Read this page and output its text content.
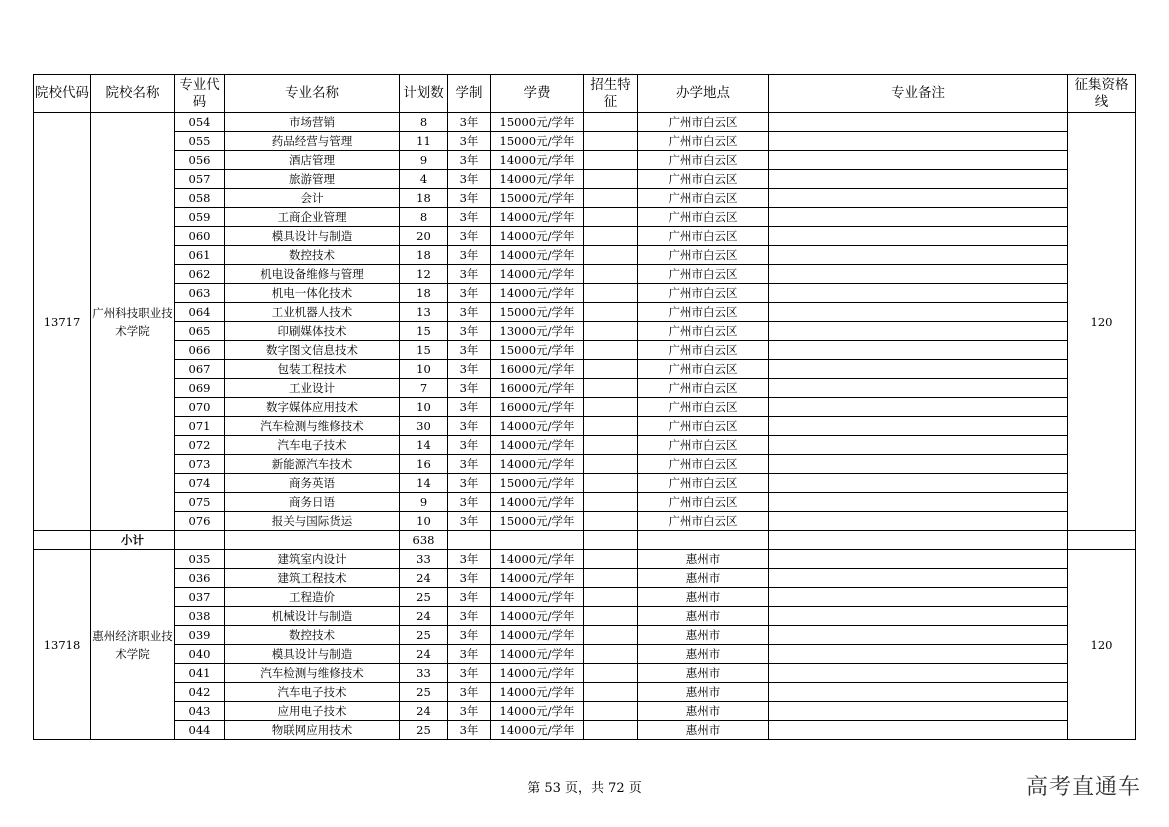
院校代码	院校名称	专业代码	专业名称	计划数	学制	学费	招生特征	办学地点	专业备注	征集资格线
13717	广州科技职业技术学院	054	市场营销	8	3年	15000元/学年		广州市白云区		120
		055	药品经营与管理	11	3年	15000元/学年		广州市白云区		
		056	酒店管理	9	3年	14000元/学年		广州市白云区		
		057	旅游管理	4	3年	14000元/学年		广州市白云区		
		058	会计	18	3年	15000元/学年		广州市白云区		
		059	工商企业管理	8	3年	14000元/学年		广州市白云区		
		060	模具设计与制造	20	3年	14000元/学年		广州市白云区		
		061	数控技术	18	3年	14000元/学年		广州市白云区		
		062	机电设备维修与管理	12	3年	14000元/学年		广州市白云区		
		063	机电一体化技术	18	3年	14000元/学年		广州市白云区		
		064	工业机器人技术	13	3年	15000元/学年		广州市白云区		
		065	印刷媒体技术	15	3年	13000元/学年		广州市白云区		
		066	数字图文信息技术	15	3年	15000元/学年		广州市白云区		
		067	包装工程技术	10	3年	16000元/学年		广州市白云区		
		069	工业设计	7	3年	16000元/学年		广州市白云区		
		070	数字媒体应用技术	10	3年	16000元/学年		广州市白云区		
		071	汽车检测与维修技术	30	3年	14000元/学年		广州市白云区		
		072	汽车电子技术	14	3年	14000元/学年		广州市白云区		
		073	新能源汽车技术	16	3年	14000元/学年		广州市白云区		
		074	商务英语	14	3年	15000元/学年		广州市白云区		
		075	商务日语	9	3年	14000元/学年		广州市白云区		
		076	报关与国际货运	10	3年	15000元/学年		广州市白云区		
	小计			638						
13718	惠州经济职业技术学院	035	建筑室内设计	33	3年	14000元/学年		惠州市		120
		036	建筑工程技术	24	3年	14000元/学年		惠州市		
		037	工程造价	25	3年	14000元/学年		惠州市		
		038	机械设计与制造	24	3年	14000元/学年		惠州市		
		039	数控技术	25	3年	14000元/学年		惠州市		
		040	模具设计与制造	24	3年	14000元/学年		惠州市		
		041	汽车检测与维修技术	33	3年	14000元/学年		惠州市		
		042	汽车电子技术	25	3年	14000元/学年		惠州市		
		043	应用电子技术	24	3年	14000元/学年		惠州市		
		044	物联网应用技术	25	3年	14000元/学年		惠州市		
第 53 页，共 72 页	高考直通车
